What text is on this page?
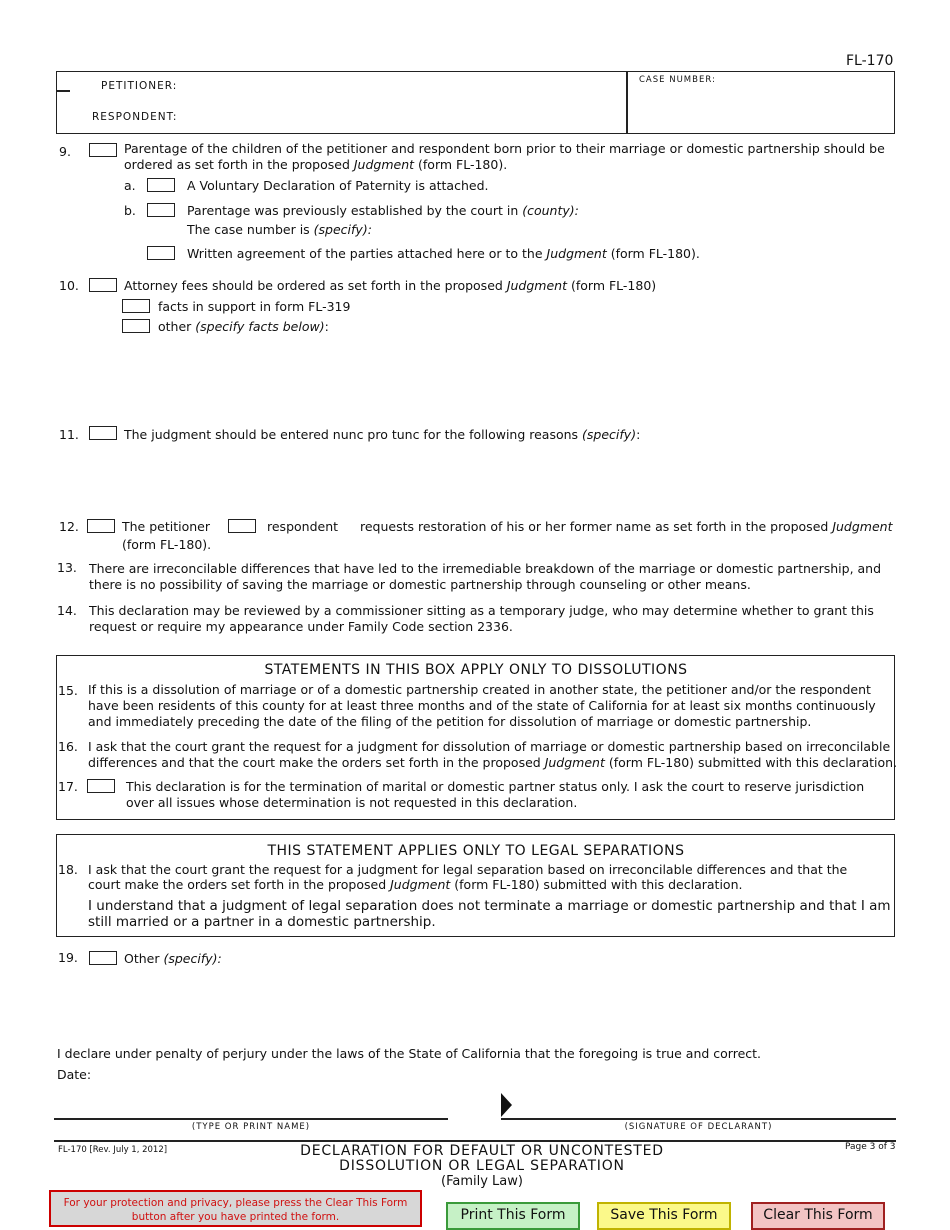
FL-170
PETITIONER:
RESPONDENT:
CASE NUMBER:
9.	Parentage of the children of the petitioner and respondent born prior to their marriage or domestic partnership should be
ordered as set forth in the proposed Judgment (form FL-180).
a.	A Voluntary Declaration of Paternity is attached.
b.	Parentage was previously established by the court in (county):
The case number is (specify):
Written agreement of the parties attached here or to the Judgment (form FL-180).
10.	Attorney fees should be ordered as set forth in the proposed Judgment (form FL-180)
facts in support in form FL-319
other (specify facts below):
11.	The judgment should be entered nunc pro tunc for the following reasons (specify):
12.	The petitioner	respondent requests restoration of his or her former name as set forth in the proposed Judgment
(form FL-180).
13. There are irreconcilable differences that have led to the irremediable breakdown of the marriage or domestic partnership, and
there is no possibility of saving the marriage or domestic partnership through counseling or other means.
14. This declaration may be reviewed by a commissioner sitting as a temporary judge, who may determine whether to grant this
request or require my appearance under Family Code section 2336.
STATEMENTS IN THIS BOX APPLY ONLY TO DISSOLUTIONS
15. If this is a dissolution of marriage or of a domestic partnership created in another state, the petitioner and/or the respondent
have been residents of this county for at least three months and of the state of California for at least six months continuously
and immediately preceding the date of the filing of the petition for dissolution of marriage or domestic partnership.
16. I ask that the court grant the request for a judgment for dissolution of marriage or domestic partnership based on irreconcilable
differences and that the court make the orders set forth in the proposed Judgment (form FL-180) submitted with this declaration.
17.	This declaration is for the termination of marital or domestic partner status only. I ask the court to reserve jurisdiction
over all issues whose determination is not requested in this declaration.
THIS STATEMENT APPLIES ONLY TO LEGAL SEPARATIONS
18. I ask that the court grant the request for a judgment for legal separation based on irreconcilable differences and that the
court make the orders set forth in the proposed Judgment (form FL-180) submitted with this declaration.
I understand that a judgment of legal separation does not terminate a marriage or domestic partnership and that I am
still married or a partner in a domestic partnership.
19.	Other (specify):
I declare under penalty of perjury under the laws of the State of California that the foregoing is true and correct.
Date:
(TYPE OR PRINT NAME)	(SIGNATURE OF DECLARANT)
FL-170 [Rev. July 1, 2012]	Page 3 of 3
DECLARATION FOR DEFAULT OR UNCONTESTED
DISSOLUTION OR LEGAL SEPARATION
(Family Law)
For your protection and privacy, please press the Clear This Form
button after you have printed the form.	Print This Form	Save This Form	Clear This Form
